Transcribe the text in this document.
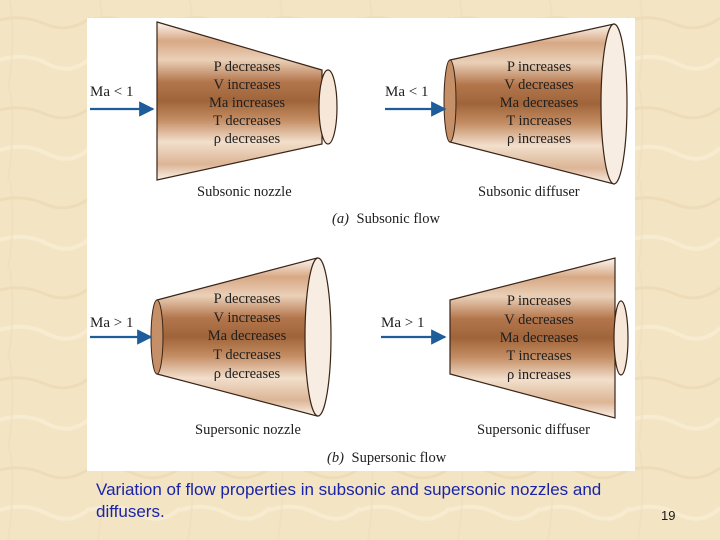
Ma < 1
P decreases
V increases
Ma increases
T decreases
ρ decreases
Subsonic nozzle
Ma < 1
P increases
V decreases
Ma decreases
T increases
ρ increases
Subsonic diffuser
(a) Subsonic flow
Ma > 1
P decreases
V increases
Ma decreases
T decreases
ρ decreases
Supersonic nozzle
Ma > 1
P increases
V decreases
Ma decreases
T increases
ρ increases
Supersonic diffuser
(b) Supersonic flow
Variation of flow properties in subsonic and supersonic nozzles and diffusers.	19
